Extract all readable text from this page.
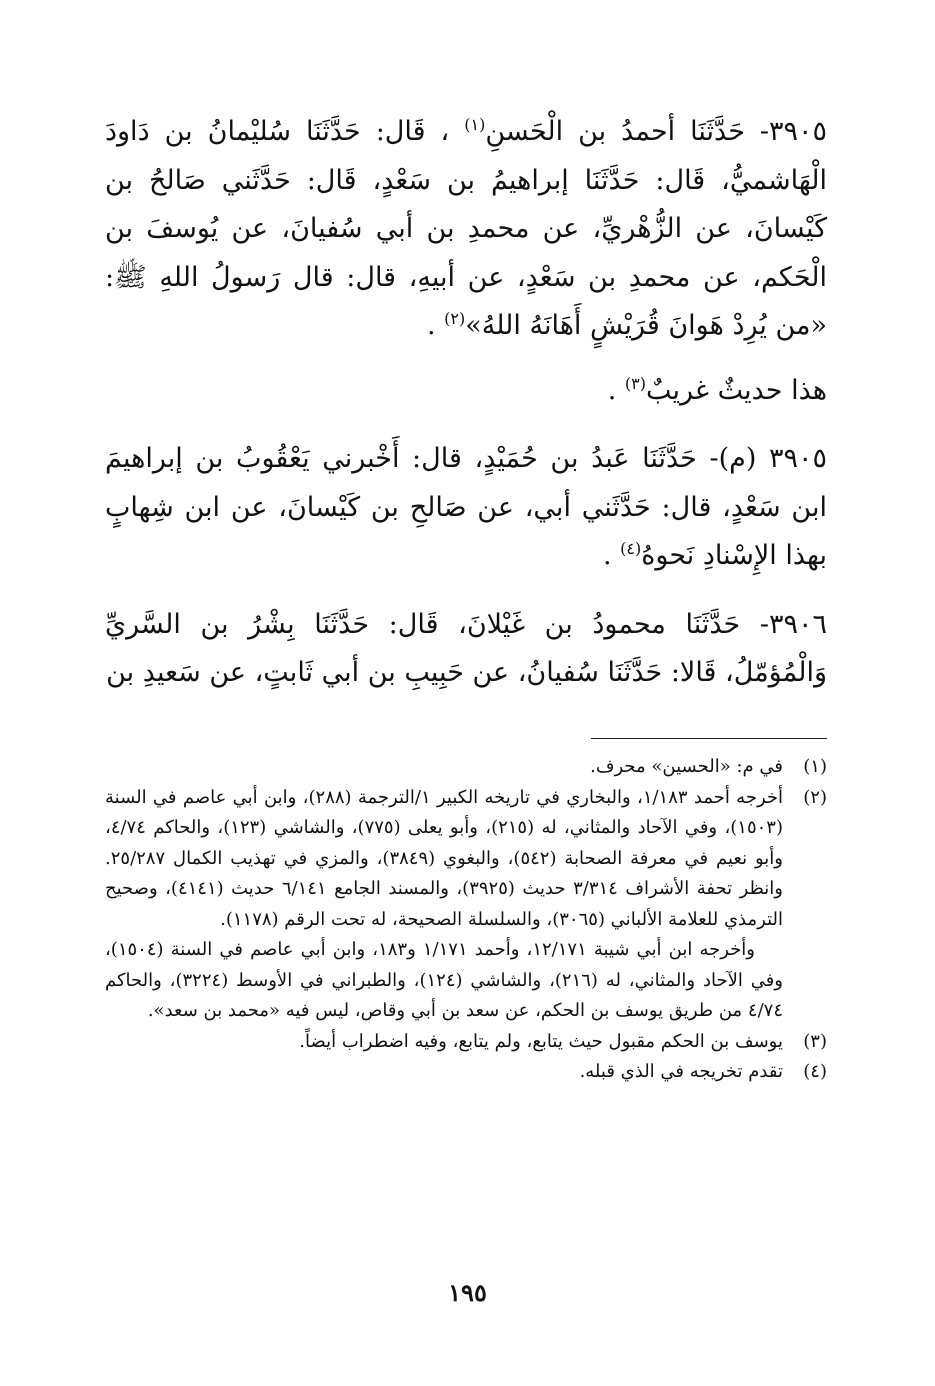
٣٩٠٥- حَدَّثَنَا أحمدُ بن الْحَسنِ$^{(١)}$ ، قَال: حَدَّثَنَا سُليْمانُ بن دَاودَ الْهَاشميُّ، قَال: حَدَّثَنَا إبراهيمُ بن سَعْدٍ، قَال: حَدَّثَني صَالحُ بن كَيْسانَ، عن الزُّهْريِّ، عن محمدِ بن أبي سُفيانَ، عن يُوسفَ بن الْحَكم، عن محمدِ بن سَعْدٍ، عن أبيهِ، قال: قال رَسولُ اللهِ ﷺ: «من يُرِدْ هَوانَ قُرَيْشٍ أَهَانَهُ اللهُ»$^{(٢)}$ .

هذا حديثٌ غريبٌ$^{(٣)}$ .

٣٩٠٥ (م)- حَدَّثَنَا عَبدُ بن حُمَيْدٍ، قال: أَخْبرني يَعْقُوبُ بن إبراهيمَ ابن سَعْدٍ، قال: حَدَّثَني أبي، عن صَالحِ بن كَيْسانَ، عن ابن شِهابٍ بهذا الإِسْنادِ نَحوهُ$^{(٤)}$ .

٣٩٠٦- حَدَّثَنَا محمودُ بن غَيْلانَ، قَال: حَدَّثَنَا بِشْرُ بن السَّريِّ وَالْمُؤمّلُ، قَالا: حَدَّثَنَا سُفيانُ، عن حَبِيبِ بن أبي ثَابتٍ، عن سَعيدِ بن

(١)
في م: «الحسين» محرف.

(٢)
أخرجه أحمد ١/١٨٣، والبخاري في تاريخه الكبير ١/الترجمة (٢٨٨)، وابن أبي عاصم في السنة (١٥٠٣)، وفي الآحاد والمثاني، له (٢١٥)، وأبو يعلى (٧٧٥)، والشاشي (١٢٣)، والحاكم ٤/٧٤، وأبو نعيم في معرفة الصحابة (٥٤٢)، والبغوي (٣٨٤٩)، والمزي في تهذيب الكمال ٢٥/٢٨٧. وانظر تحفة الأشراف ٣/٣١٤ حديث (٣٩٢٥)، والمسند الجامع ٦/١٤١ حديث (٤١٤١)، وصحيح الترمذي للعلامة الألباني (٣٠٦٥)، والسلسلة الصحيحة، له تحت الرقم (١١٧٨).

وأخرجه ابن أبي شيبة ١٢/١٧١، وأحمد ١/١٧١ و١٨٣، وابن أبي عاصم في السنة (١٥٠٤)، وفي الآحاد والمثاني، له (٢١٦)، والشاشي (١٢٤)، والطبراني في الأوسط (٣٢٢٤)، والحاكم ٤/٧٤ من طريق يوسف بن الحكم، عن سعد بن أبي وقاص، ليس فيه «محمد بن سعد».

(٣)
يوسف بن الحكم مقبول حيث يتابع، ولم يتابع، وفيه اضطراب أيضاً.

(٤)
تقدم تخريجه في الذي قبله.

١٩٥
